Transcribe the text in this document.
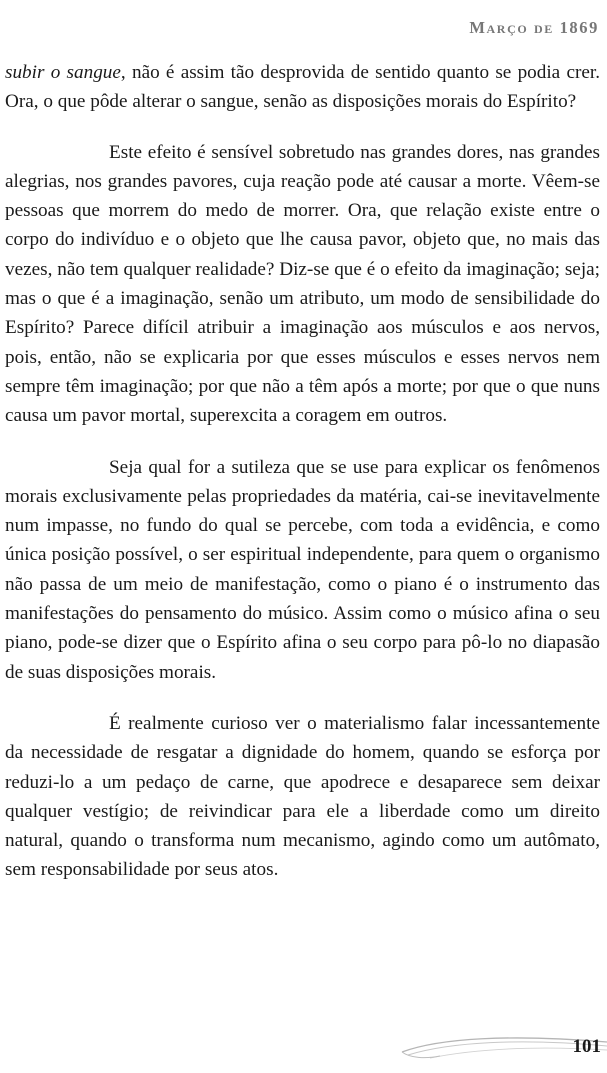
Março de 1869

subir o sangue, não é assim tão desprovida de sentido quanto se podia crer. Ora, o que pôde alterar o sangue, senão as disposições morais do Espírito?

Este efeito é sensível sobretudo nas grandes dores, nas grandes alegrias, nos grandes pavores, cuja reação pode até causar a morte. Vêem-se pessoas que morrem do medo de morrer. Ora, que relação existe entre o corpo do indivíduo e o objeto que lhe causa pavor, objeto que, no mais das vezes, não tem qualquer realidade? Diz-se que é o efeito da imaginação; seja; mas o que é a imaginação, senão um atributo, um modo de sensibilidade do Espírito? Parece difícil atribuir a imaginação aos músculos e aos nervos, pois, então, não se explicaria por que esses músculos e esses nervos nem sempre têm imaginação; por que não a têm após a morte; por que o que nuns causa um pavor mortal, superexcita a coragem em outros.

Seja qual for a sutileza que se use para explicar os fenômenos morais exclusivamente pelas propriedades da matéria, cai-se inevitavelmente num impasse, no fundo do qual se percebe, com toda a evidência, e como única posição possível, o ser espiritual independente, para quem o organismo não passa de um meio de manifestação, como o piano é o instrumento das manifestações do pensamento do músico. Assim como o músico afina o seu piano, pode-se dizer que o Espírito afina o seu corpo para pô-lo no diapasão de suas disposições morais.

É realmente curioso ver o materialismo falar incessantemente da necessidade de resgatar a dignidade do homem, quando se esforça por reduzi-lo a um pedaço de carne, que apodrece e desaparece sem deixar qualquer vestígio; de reivindicar para ele a liberdade como um direito natural, quando o transforma num mecanismo, agindo como um autômato, sem responsabilidade por seus atos.

101
